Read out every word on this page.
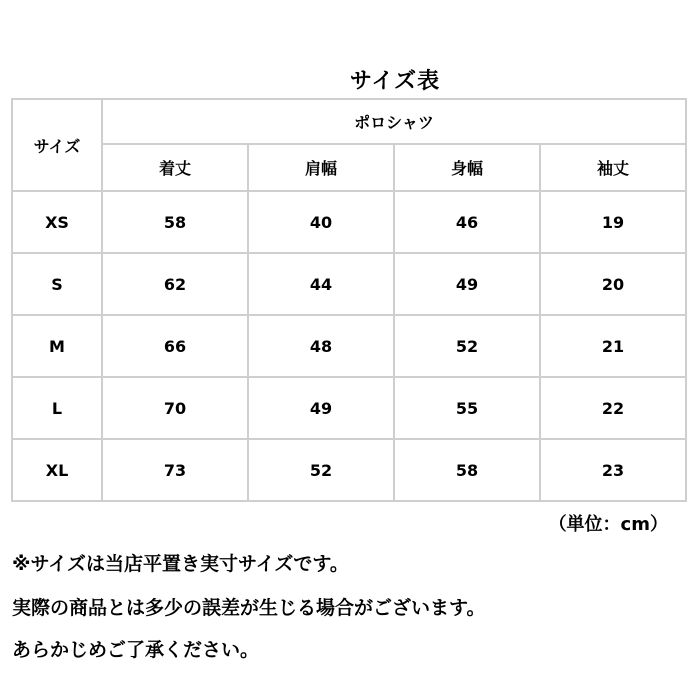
サイズ表
サイズ	ポロシャツ			
	着丈	肩幅	身幅	袖丈
XS	58	40	46	19
S	62	44	49	20
M	66	48	52	21
L	70	49	55	22
XL	73	52	58	23
（単位：cm）
※サイズは当店平置き実寸サイズです。
実際の商品とは多少の誤差が生じる場合がございます。
あらかじめご了承ください。
